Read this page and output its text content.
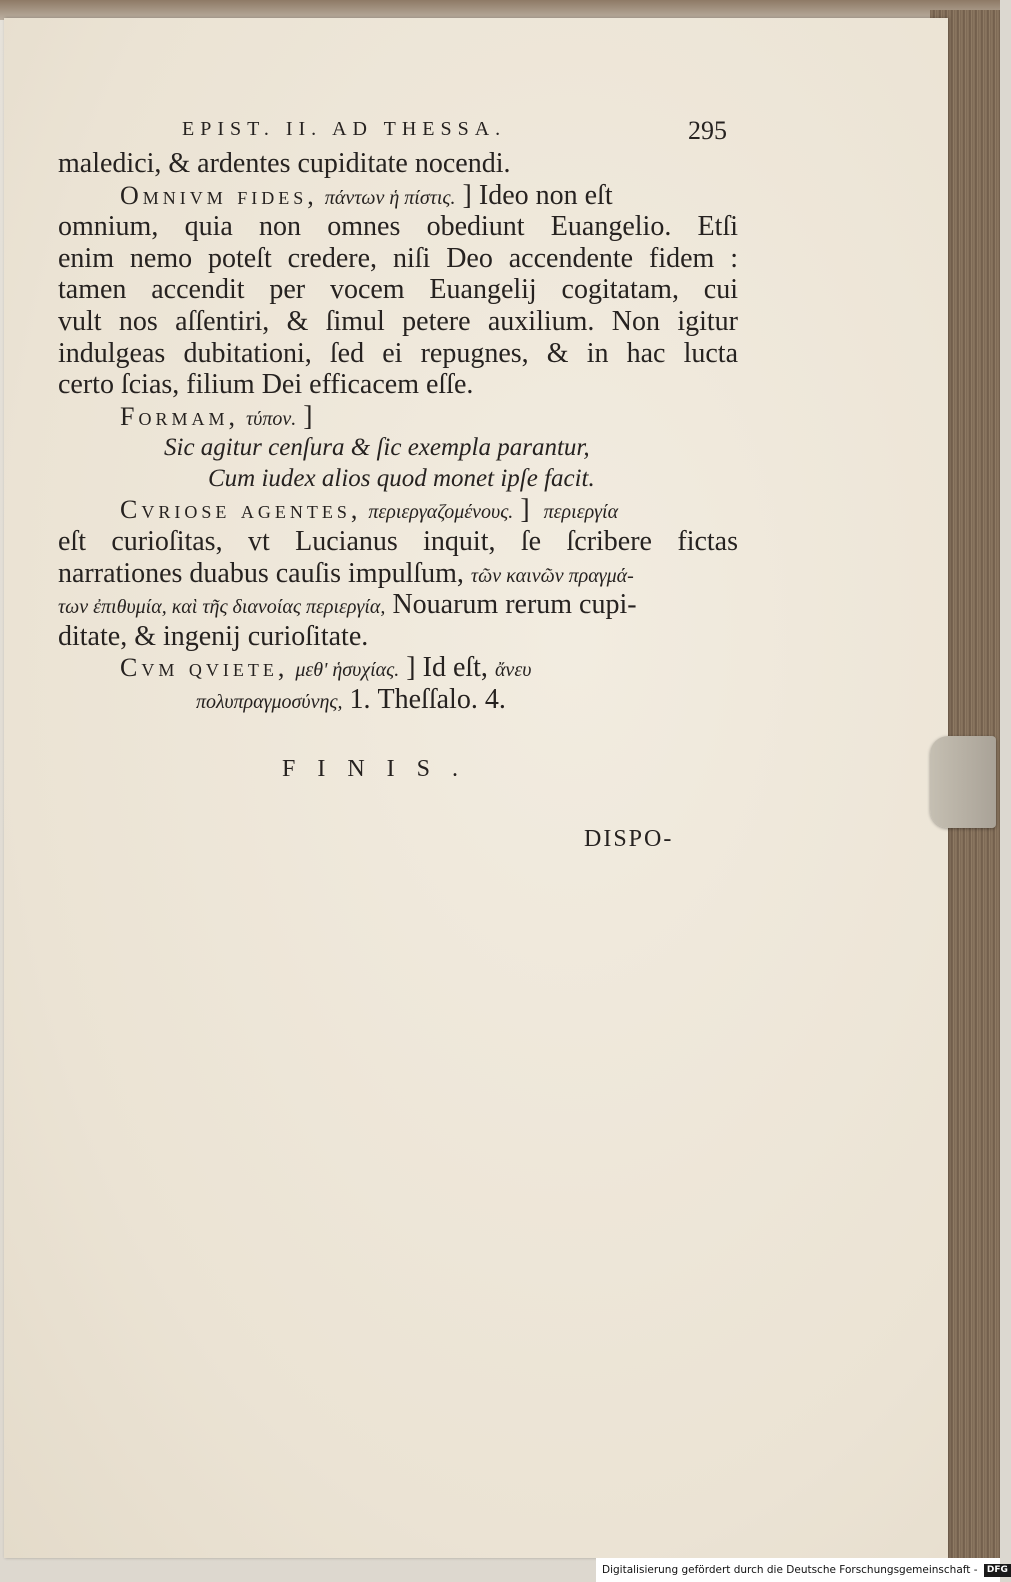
EPIST. II. AD THESSA.	295
maledici, & ardentes cupiditate nocendi.
Omnivm fides, πάντων ἡ πίστις. ] Ideo non eſt
omnium, quia non omnes obediunt Euangelio. Etſi
enim nemo poteſt credere, niſi Deo accendente fidem :
tamen accendit per vocem Euangelij cogitatam, cui
vult nos aſſentiri, & ſimul petere auxilium. Non igitur
indulgeas dubitationi, ſed ei repugnes, & in hac lucta
certo ſcias, filium Dei efficacem eſſe.
Formam, τύπον. ]
Sic agitur cenſura & ſic exempla parantur,
Cum iudex alios quod monet ipſe facit.
Cvriose agentes, περιεργαζομένους. ] περιεργία
eſt curioſitas, vt Lucianus inquit, ſe ſcribere fictas
narrationes duabus cauſis impulſum, τῶν καινῶν πραγμά-
των ἐπιθυμία, καὶ τῆς διανοίας περιεργία, Nouarum rerum cupi-
ditate, & ingenij curioſitate.
Cvm qviete, μεθ' ἡσυχίας. ] Id eſt, ἄνευ
πολυπραγμοσύνης, 1. Theſſalo. 4.
FINIS.
DISPO-
Digitalisierung gefördert durch die Deutsche Forschungsgemeinschaft - DFG
